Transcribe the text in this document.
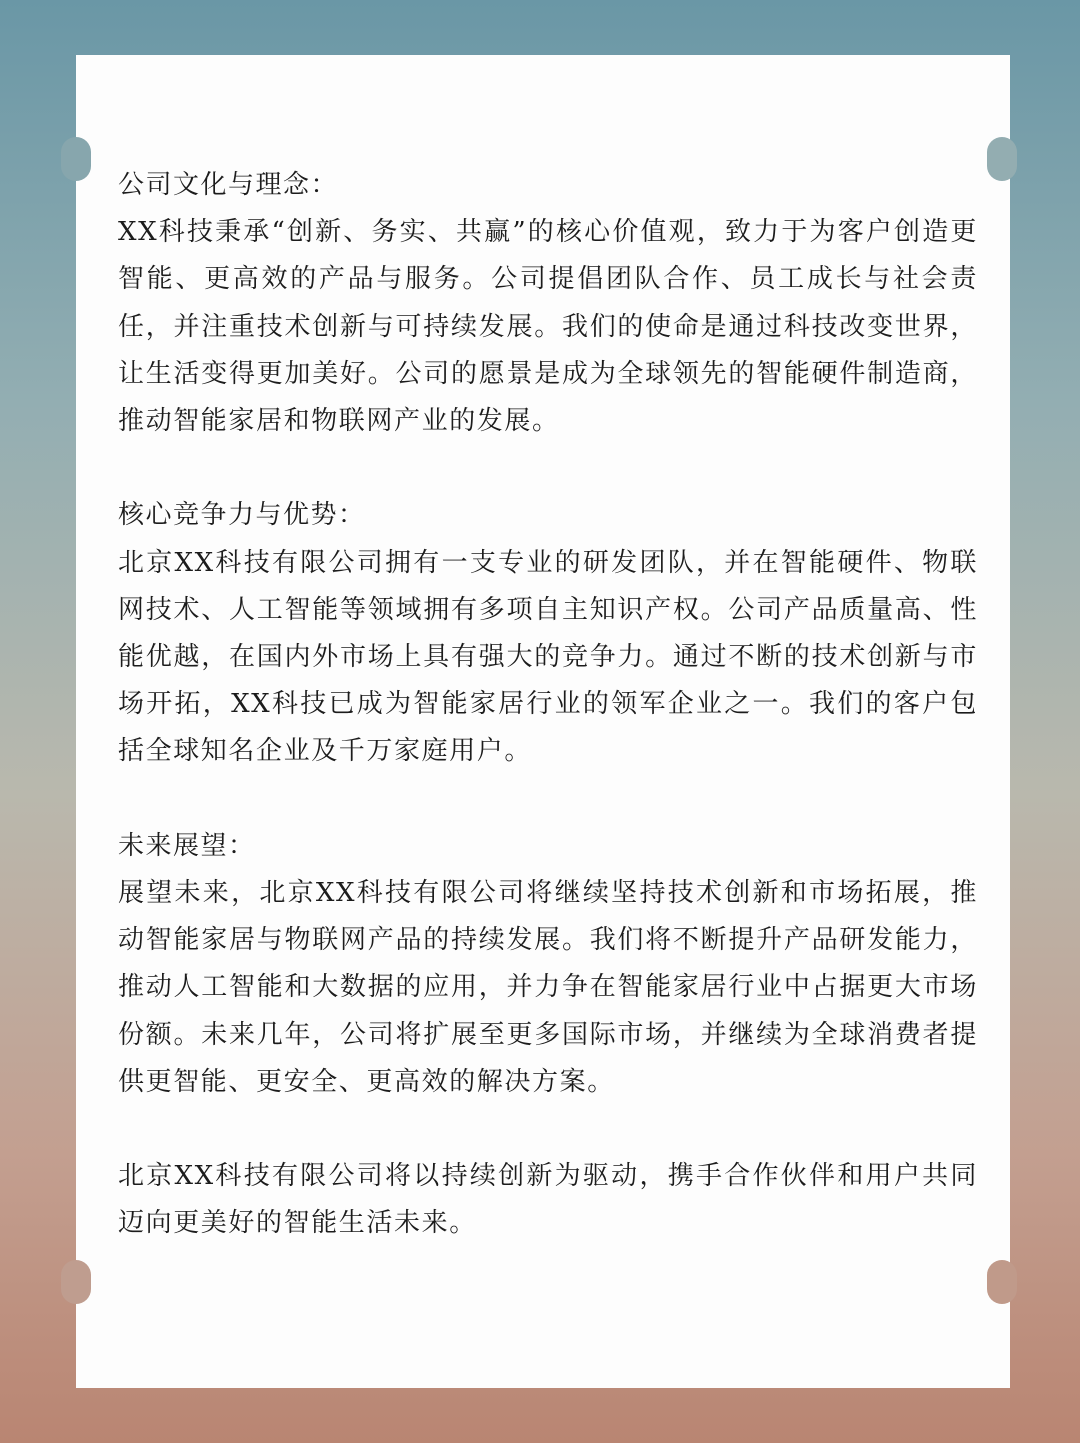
公司文化与理念：

XX科技秉承“创新、务实、共赢”的核心价值观，致力于为客户创造更智能、更高效的产品与服务。公司提倡团队合作、员工成长与社会责任，并注重技术创新与可持续发展。我们的使命是通过科技改变世界，让生活变得更加美好。公司的愿景是成为全球领先的智能硬件制造商，推动智能家居和物联网产业的发展。

核心竞争力与优势：

北京XX科技有限公司拥有一支专业的研发团队，并在智能硬件、物联网技术、人工智能等领域拥有多项自主知识产权。公司产品质量高、性能优越，在国内外市场上具有强大的竞争力。通过不断的技术创新与市场开拓，XX科技已成为智能家居行业的领军企业之一。我们的客户包括全球知名企业及千万家庭用户。

未来展望：

展望未来，北京XX科技有限公司将继续坚持技术创新和市场拓展，推动智能家居与物联网产品的持续发展。我们将不断提升产品研发能力，推动人工智能和大数据的应用，并力争在智能家居行业中占据更大市场份额。未来几年，公司将扩展至更多国际市场，并继续为全球消费者提供更智能、更安全、更高效的解决方案。

北京XX科技有限公司将以持续创新为驱动，携手合作伙伴和用户共同迈向更美好的智能生活未来。
